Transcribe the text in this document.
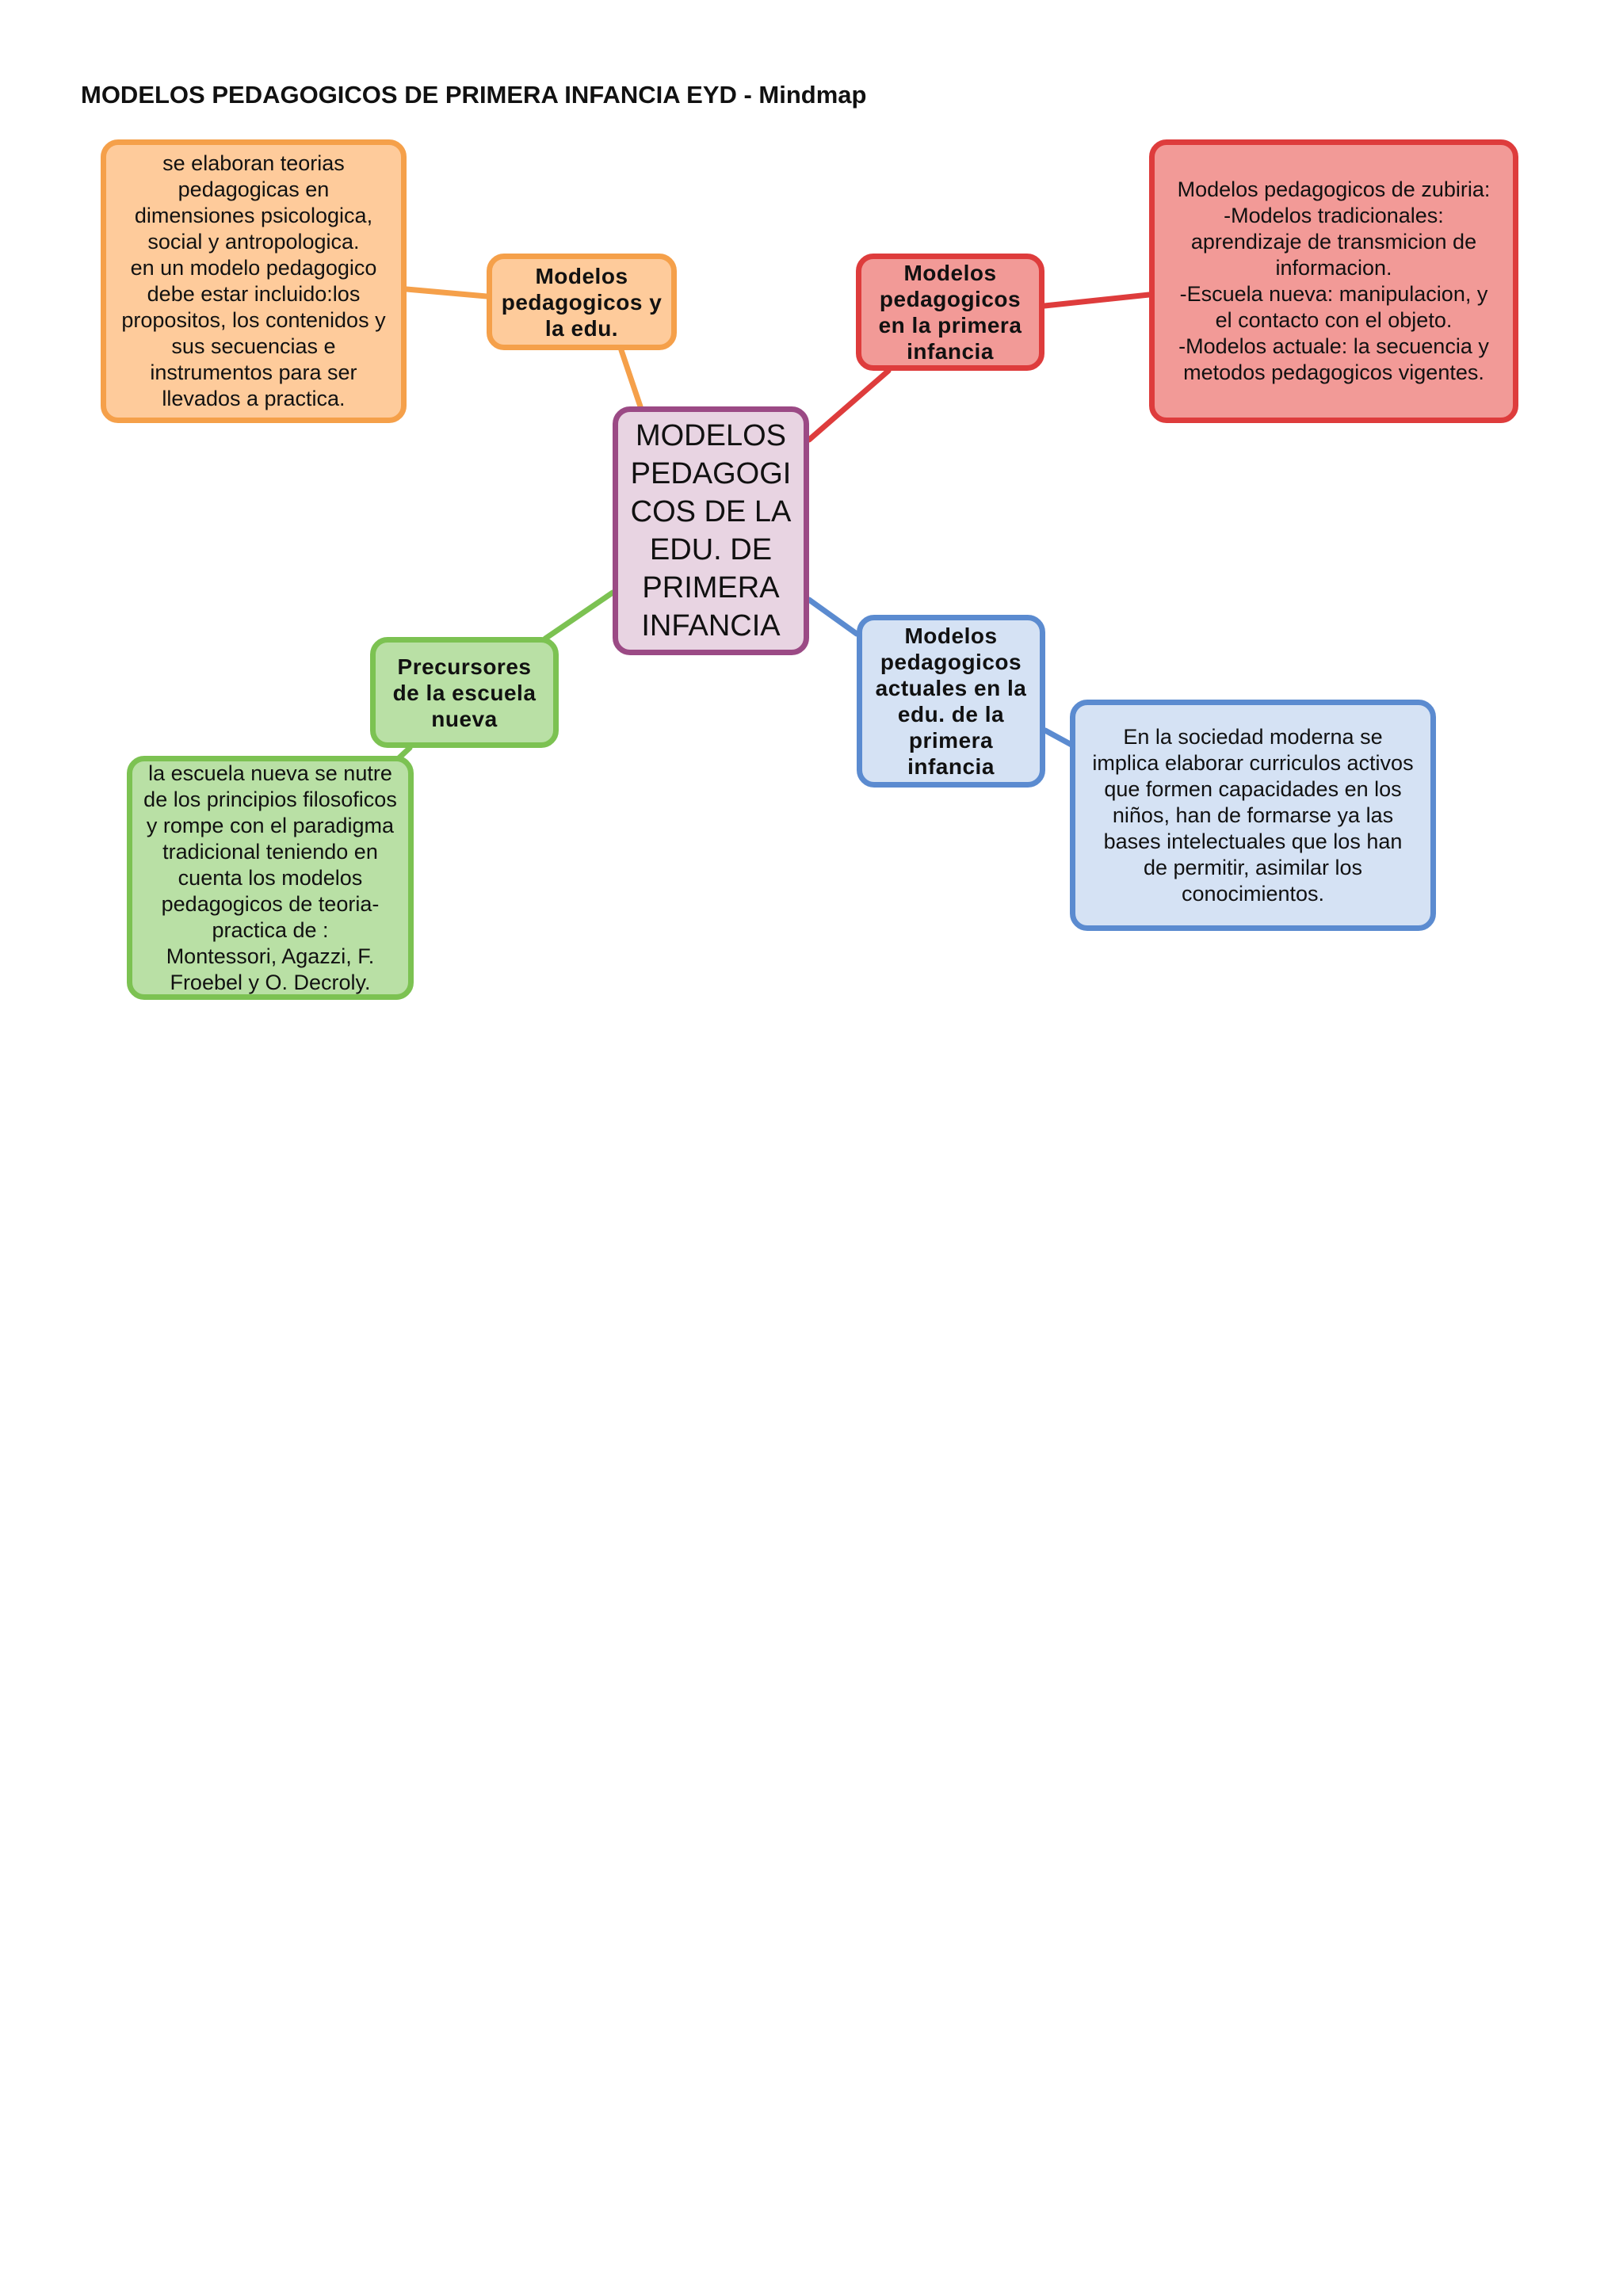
MODELOS PEDAGOGICOS DE PRIMERA INFANCIA EYD - Mindmap
MODELOS
PEDAGOGI
COS DE LA
EDU. DE
PRIMERA
INFANCIA
Modelos
pedagogicos y
la edu.
se elaboran teorias
pedagogicas en
dimensiones psicologica,
social y antropologica.
en un modelo pedagogico
debe estar incluido:los
propositos, los contenidos y
sus secuencias e
instrumentos para ser
llevados a practica.
Modelos
pedagogicos
en la primera
infancia
Modelos pedagogicos de zubiria:
-Modelos tradicionales:
aprendizaje de transmicion de
informacion.
-Escuela nueva: manipulacion, y
el contacto con el objeto.
-Modelos actuale: la secuencia y
metodos pedagogicos vigentes.
Modelos
pedagogicos
actuales en la
edu. de la
primera
infancia
En la sociedad moderna se
implica elaborar curriculos activos
que formen capacidades en los
niños, han de formarse ya las
bases intelectuales que los han
de permitir, asimilar los
conocimientos.
Precursores
de la escuela
nueva
la escuela nueva se nutre
de los principios filosoficos
y rompe con el paradigma
tradicional teniendo en
cuenta los modelos
pedagogicos de teoria-
practica de :
Montessori, Agazzi, F.
Froebel y O. Decroly.
